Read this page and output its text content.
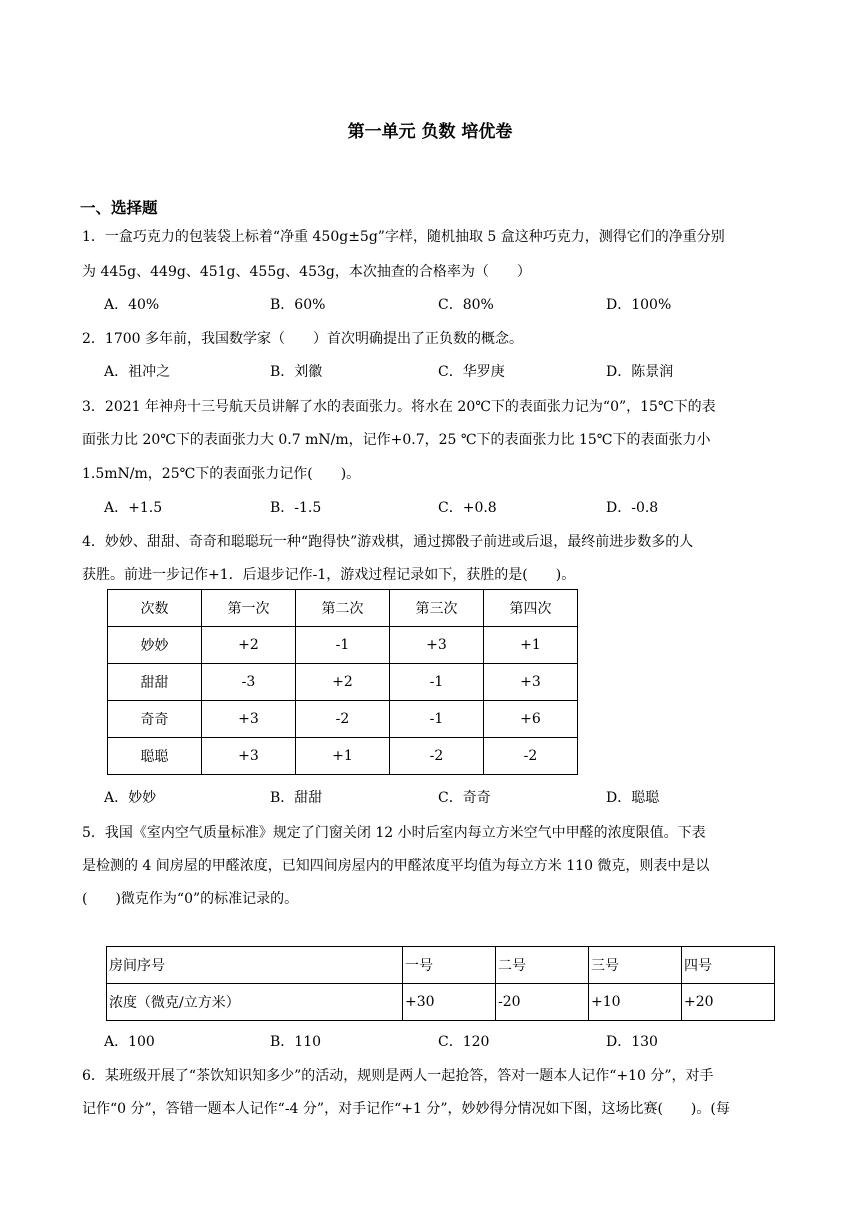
第一单元 负数 培优卷
一、选择题
1．一盒巧克力的包装袋上标着“净重 450g±5g”字样，随机抽取 5 盒这种巧克力，测得它们的净重分别
为 445g、449g、451g、455g、453g，本次抽查的合格率为（　　）
A．40%	B．60%	C．80%	D．100%
2．1700 多年前，我国数学家（　　）首次明确提出了正负数的概念。
A．祖冲之	B．刘徽	C．华罗庚	D．陈景润
3．2021 年神舟十三号航天员讲解了水的表面张力。将水在 20℃下的表面张力记为“0”，15℃下的表
面张力比 20℃下的表面张力大 0.7 mN/m，记作+0.7，25 ℃下的表面张力比 15℃下的表面张力小
1.5mN/m，25℃下的表面张力记作(　　)。
A．+1.5	B．-1.5	C．+0.8	D．-0.8
4．妙妙、甜甜、奇奇和聪聪玩一种“跑得快”游戏棋，通过掷骰子前进或后退，最终前进步数多的人
获胜。前进一步记作+1．后退步记作-1，游戏过程记录如下，获胜的是(　　)。
次数	第一次	第二次	第三次	第四次
妙妙	+2	-1	+3	+1
甜甜	-3	+2	-1	+3
奇奇	+3	-2	-1	+6
聪聪	+3	+1	-2	-2
A．妙妙	B．甜甜	C．奇奇	D．聪聪
5．我国《室内空气质量标准》规定了门窗关闭 12 小时后室内每立方米空气中甲醛的浓度限值。下表
是检测的 4 间房屋的甲醛浓度，已知四间房屋内的甲醛浓度平均值为每立方米 110 微克，则表中是以
(　　)微克作为“0”的标准记录的。
房间序号	一号	二号	三号	四号
浓度（微克/立方米）	+30	-20	+10	+20
A．100	B．110	C．120	D．130
6．某班级开展了“茶饮知识知多少”的活动，规则是两人一起抢答，答对一题本人记作“+10 分”，对手
记作“0 分”，答错一题本人记作“-4 分”，对手记作“+1 分”，妙妙得分情况如下图，这场比赛(　　)。(每
